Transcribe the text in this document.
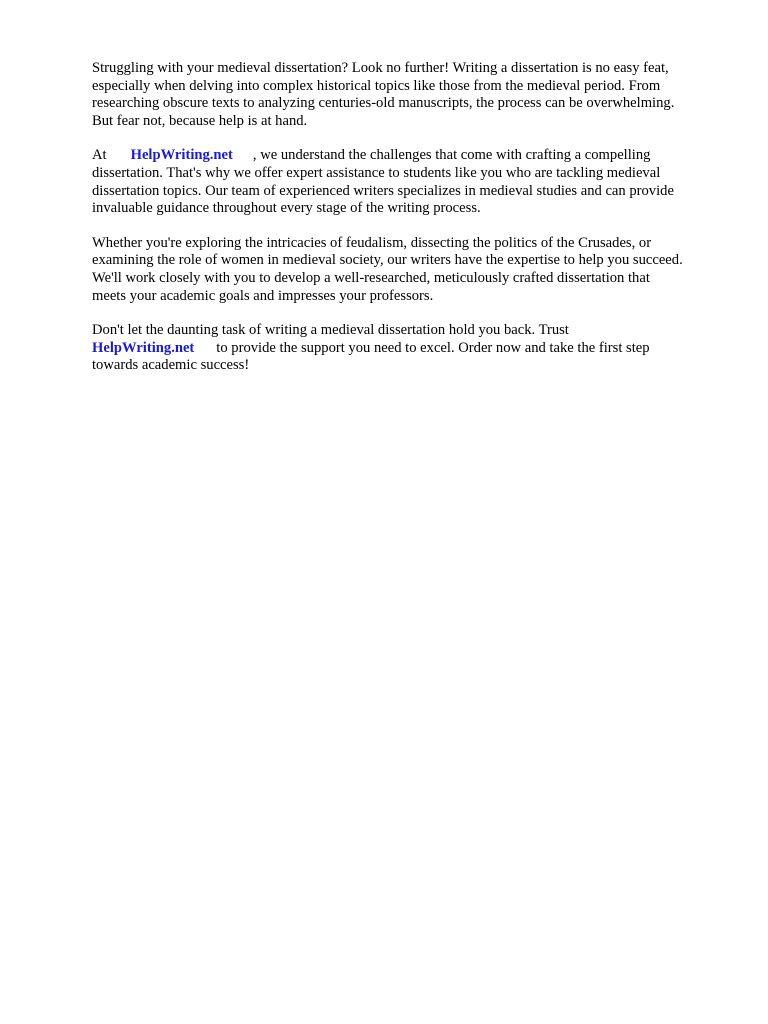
Struggling with your medieval dissertation? Look no further! Writing a dissertation is no easy feat,
especially when delving into complex historical topics like those from the medieval period. From
researching obscure texts to analyzing centuries-old manuscripts, the process can be overwhelming.
But fear not, because help is at hand.

At HelpWriting.net , we understand the challenges that come with crafting a compelling
dissertation. That's why we offer expert assistance to students like you who are tackling medieval
dissertation topics. Our team of experienced writers specializes in medieval studies and can provide
invaluable guidance throughout every stage of the writing process.

Whether you're exploring the intricacies of feudalism, dissecting the politics of the Crusades, or
examining the role of women in medieval society, our writers have the expertise to help you succeed.
We'll work closely with you to develop a well-researched, meticulously crafted dissertation that
meets your academic goals and impresses your professors.

Don't let the daunting task of writing a medieval dissertation hold you back. Trust
HelpWriting.net to provide the support you need to excel. Order now and take the first step
towards academic success!
